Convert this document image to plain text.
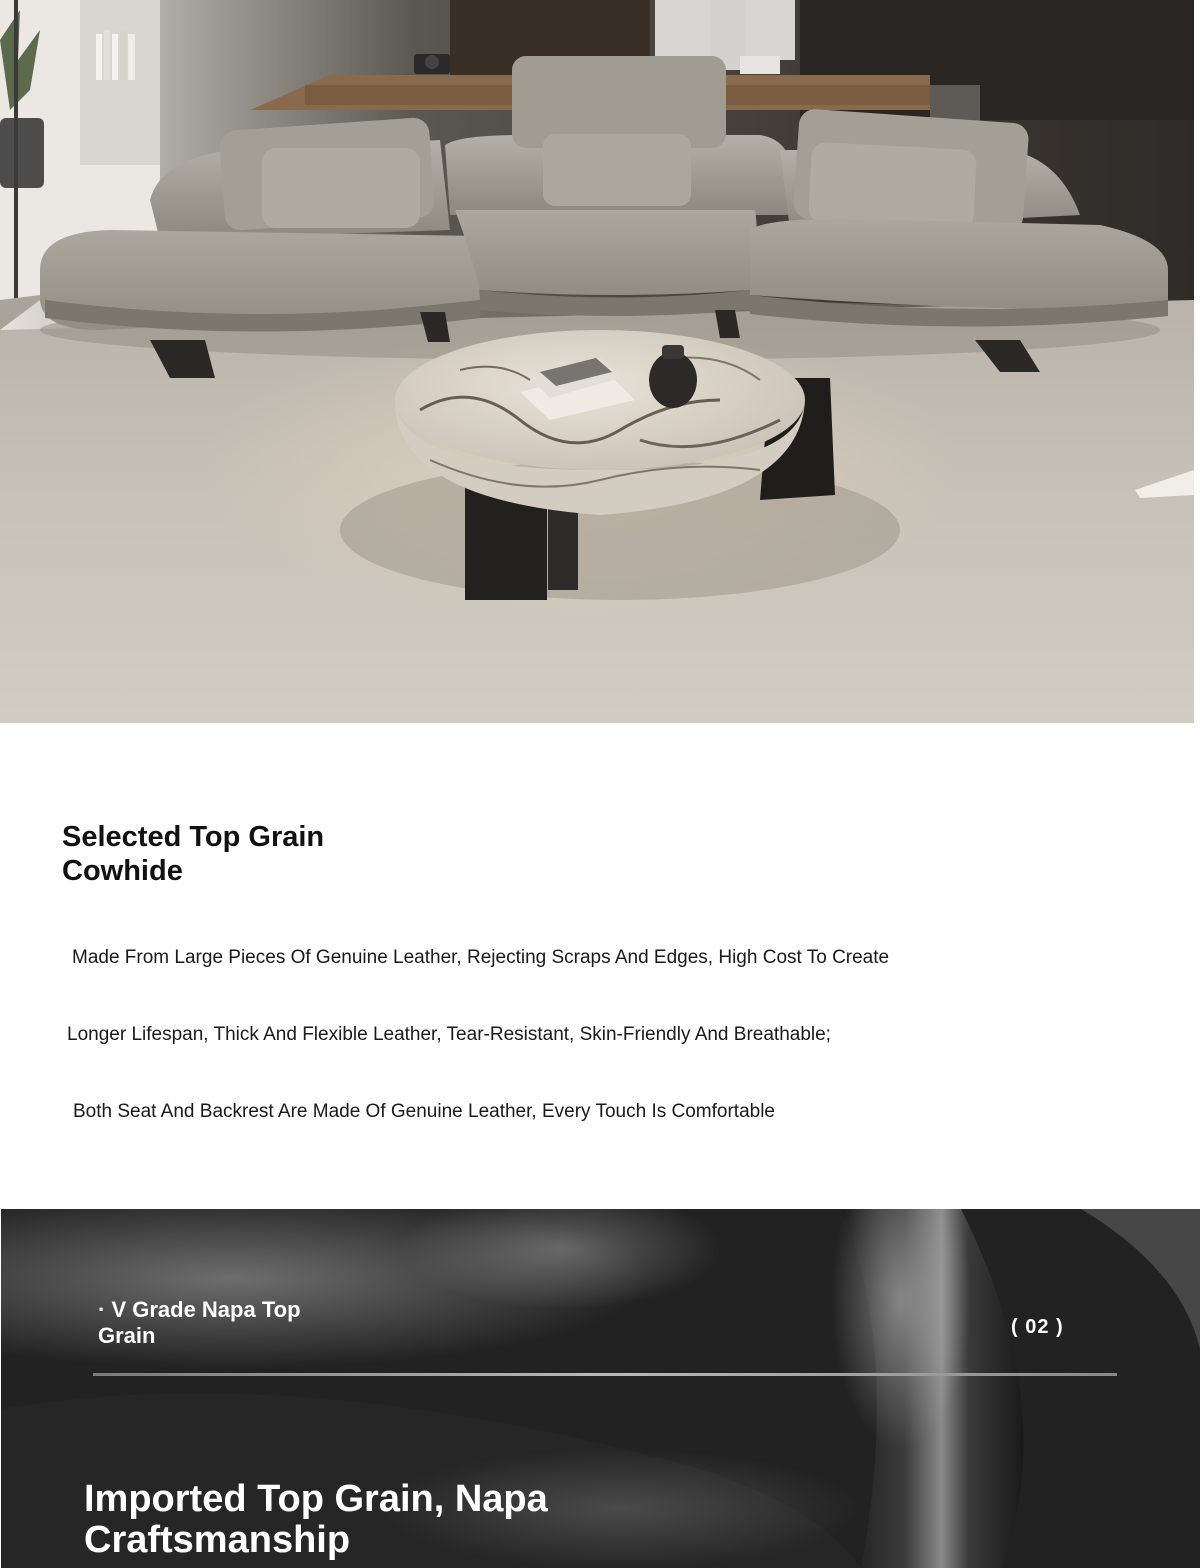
Selected Top Grain Cowhide
Made From Large Pieces Of Genuine Leather, Rejecting Scraps And Edges, High Cost To Create
Longer Lifespan, Thick And Flexible Leather, Tear-Resistant, Skin-Friendly And Breathable;
Both Seat And Backrest Are Made Of Genuine Leather, Every Touch Is Comfortable
· V Grade Napa Top Grain	( 02 )
Imported Top Grain, Napa Craftsmanship
